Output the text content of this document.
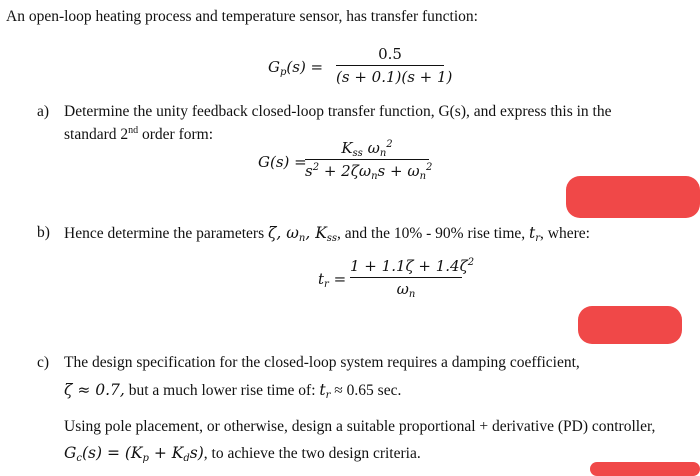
An open-loop heating process and temperature sensor, has transfer function:
$G_p(s)$ =
0.5
(s + 0.1)(s + 1)
a) Determine the unity feedback closed-loop transfer function, G(s), and express this in the
standard 2nd order form:
G(s) =
$K_{ss}$ $\omega_n^2$
$s^2 + 2\zeta\omega_ns + \omega_n^2$
b) Hence determine the parameters ζ, $\omega_n$, $K_{ss}$, and the 10% - 90% rise time, $t_r$, where:
$t_r$ =
$1 + 1.1\zeta + 1.4\zeta^2$
$\omega_n$
c) The design specification for the closed-loop system requires a damping coefficient,
ζ ≈ 0.7, but a much lower rise time of: $t_r \approx 0.65$ sec.
Using pole placement, or otherwise, design a suitable proportional + derivative (PD) controller,
$G_c(s) = (K_p + K_ds)$, to achieve the two design criteria.
